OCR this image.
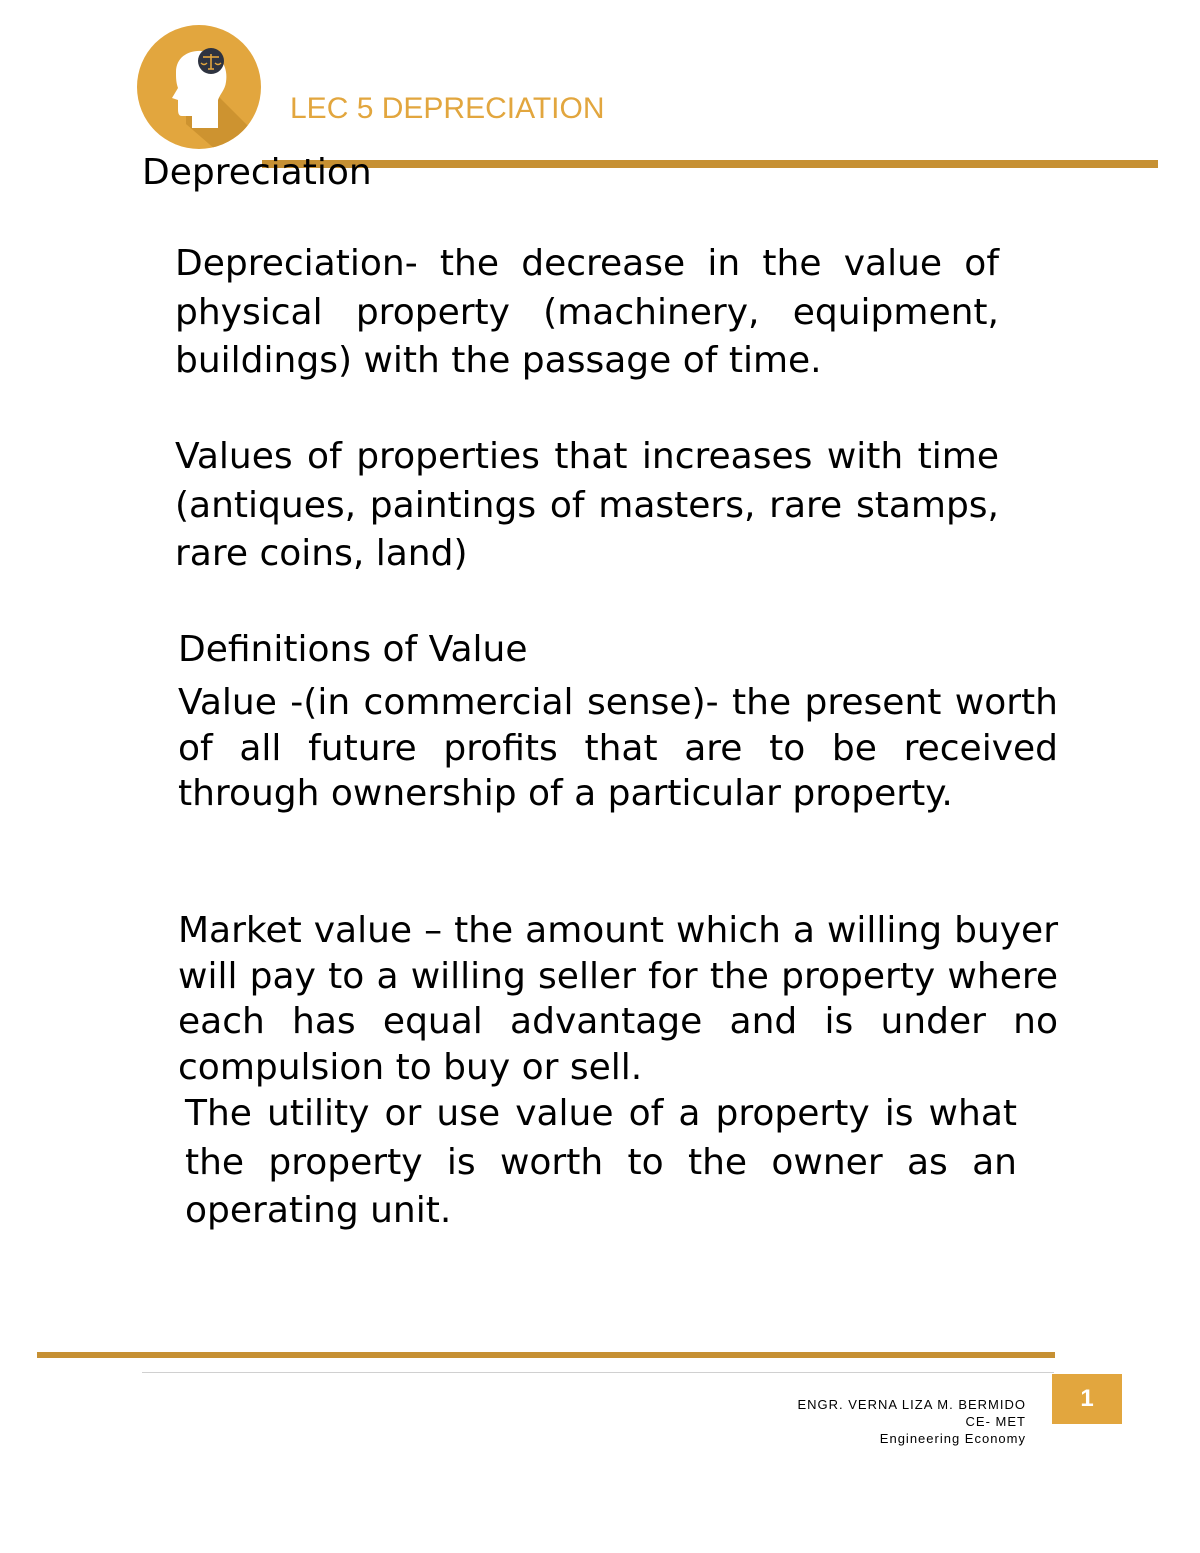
LEC 5 DEPRECIATION
Depreciation

Depreciation- the decrease in the value of physical property (machinery, equipment, buildings) with the passage of time.

Values of properties that increases with time (antiques, paintings of masters, rare stamps, rare coins, land)

Definitions of Value

Value -(in commercial sense)- the present worth of all future profits that are to be received through ownership of a particular property.

Market value – the amount which a willing buyer will pay to a willing seller for the property where each has equal advantage and is under no compulsion to buy or sell.

The utility or use value of a property is what the property is worth to the owner as an operating unit.

ENGR. VERNA LIZA M. BERMIDO
CE- MET
Engineering Economy
1
